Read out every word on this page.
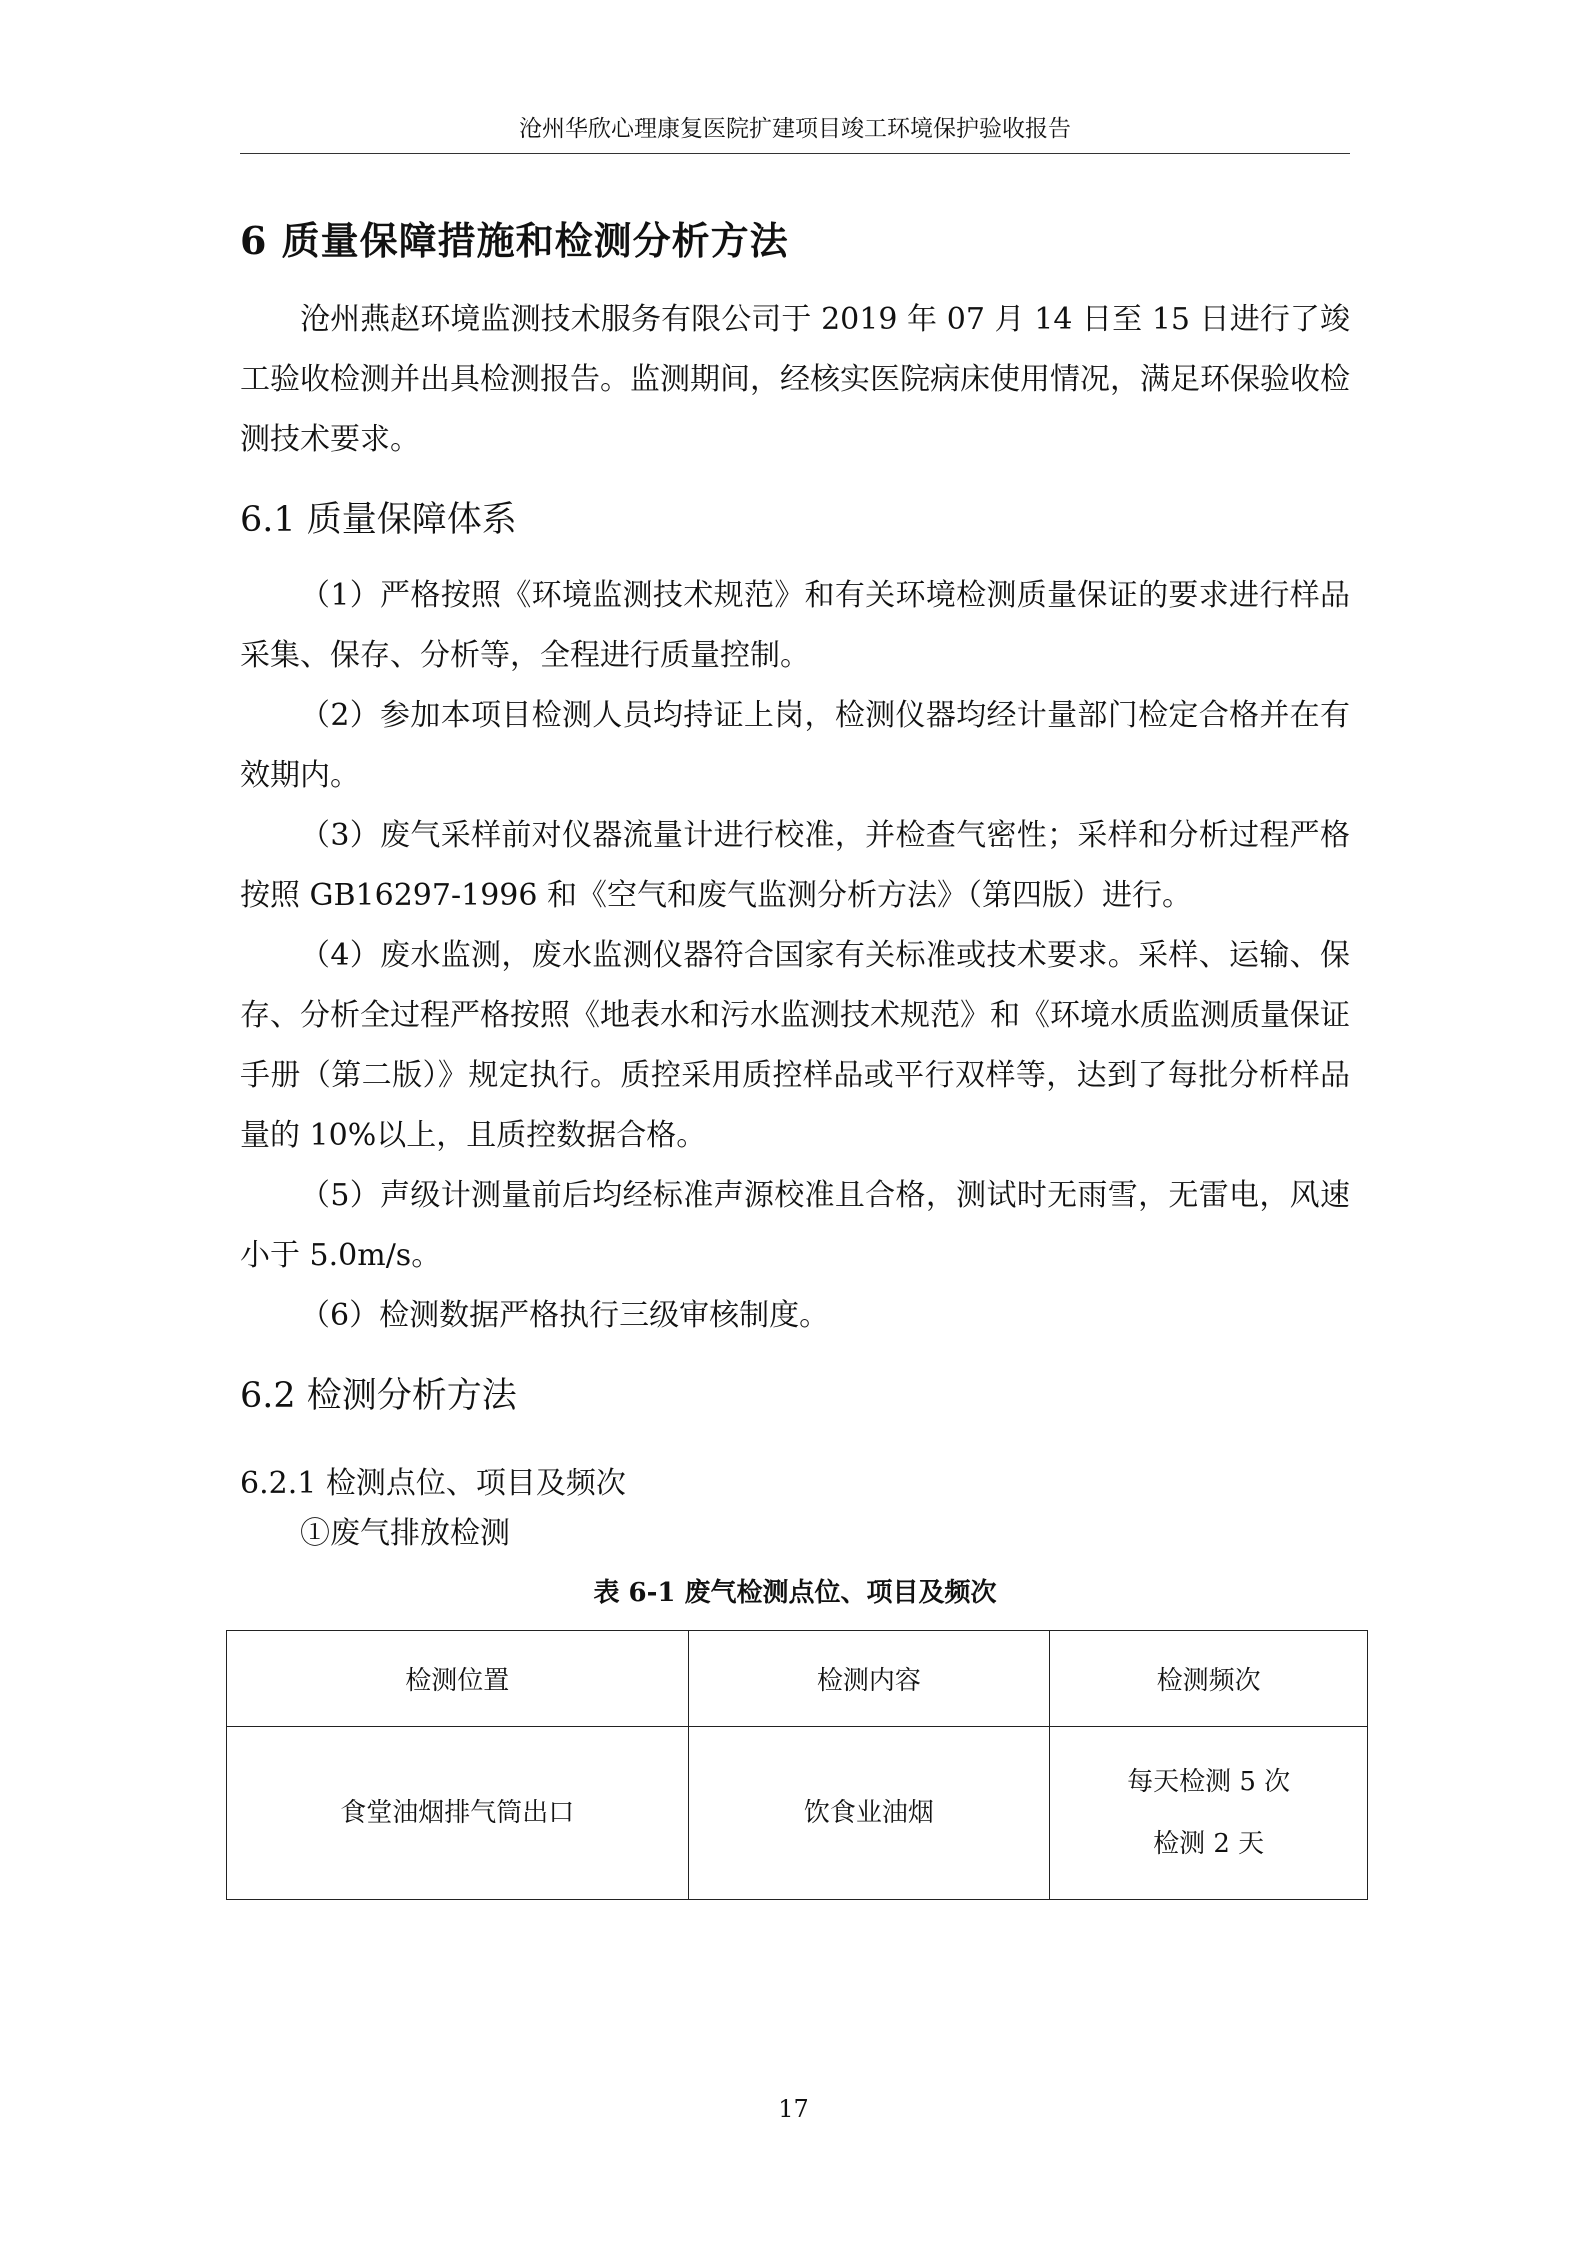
沧州华欣心理康复医院扩建项目竣工环境保护验收报告
6 质量保障措施和检测分析方法

沧州燕赵环境监测技术服务有限公司于 2019 年 07 月 14 日至 15 日进行了竣工验收检测并出具检测报告。监测期间，经核实医院病床使用情况，满足环保验收检测技术要求。

6.1 质量保障体系

（1）严格按照《环境监测技术规范》和有关环境检测质量保证的要求进行样品采集、保存、分析等，全程进行质量控制。

（2）参加本项目检测人员均持证上岗，检测仪器均经计量部门检定合格并在有效期内。

（3）废气采样前对仪器流量计进行校准，并检查气密性；采样和分析过程严格按照 GB16297-1996 和《空气和废气监测分析方法》（第四版）进行。

（4）废水监测，废水监测仪器符合国家有关标准或技术要求。采样、运输、保存、分析全过程严格按照《地表水和污水监测技术规范》和《环境水质监测质量保证手册（第二版）》规定执行。质控采用质控样品或平行双样等，达到了每批分析样品量的 10%以上，且质控数据合格。

（5）声级计测量前后均经标准声源校准且合格，测试时无雨雪，无雷电，风速小于 5.0m/s。

（6）检测数据严格执行三级审核制度。

6.2 检测分析方法
6.2.1 检测点位、项目及频次
①废气排放检测
表 6-1 废气检测点位、项目及频次
检测位置	检测内容	检测频次
食堂油烟排气筒出口	饮食业油烟	每天检测 5 次
检测 2 天
17
